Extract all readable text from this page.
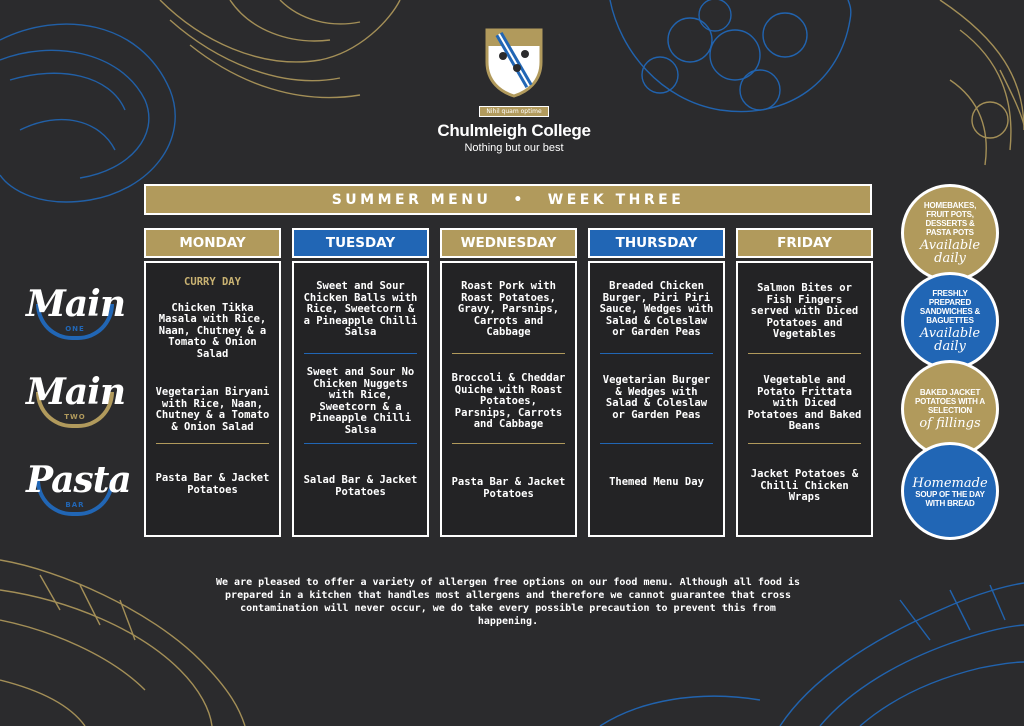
Nihil quam optime
Chulmleigh College
Nothing but our best
SUMMER MENU • WEEK THREE
Main
ONE
Main
TWO
Pasta
BAR
MONDAY
CURRY DAY
Chicken Tikka Masala with Rice, Naan, Chutney & a Tomato & Onion Salad
Vegetarian Biryani with Rice, Naan, Chutney & a Tomato & Onion Salad
Pasta Bar & Jacket Potatoes
TUESDAY
Sweet and Sour Chicken Balls with Rice, Sweetcorn & a Pineapple Chilli Salsa
Sweet and Sour No Chicken Nuggets with Rice, Sweetcorn & a Pineapple Chilli Salsa
Salad Bar & Jacket Potatoes
WEDNESDAY
Roast Pork with Roast Potatoes, Gravy, Parsnips, Carrots and Cabbage
Broccoli & Cheddar Quiche with Roast Potatoes, Parsnips, Carrots and Cabbage
Pasta Bar & Jacket Potatoes
THURSDAY
Breaded Chicken Burger, Piri Piri Sauce, Wedges with Salad & Coleslaw or Garden Peas
Vegetarian Burger & Wedges with Salad & Coleslaw or Garden Peas
Themed Menu Day
FRIDAY
Salmon Bites or Fish Fingers served with Diced Potatoes and Vegetables
Vegetable and Potato Frittata with Diced Potatoes and Baked Beans
Jacket Potatoes & Chilli Chicken Wraps
HOMEBAKES, FRUIT POTS, DESSERTS & PASTA POTS
Available daily
FRESHLY PREPARED SANDWICHES & BAGUETTES
Available daily
BAKED JACKET POTATOES WITH A SELECTION
of fillings
Homemade
SOUP OF THE DAY WITH BREAD
We are pleased to offer a variety of allergen free options on our food menu. Although all food is prepared in a kitchen that handles most allergens and therefore we cannot guarantee that cross contamination will never occur, we do take every possible precaution to prevent this from happening.
